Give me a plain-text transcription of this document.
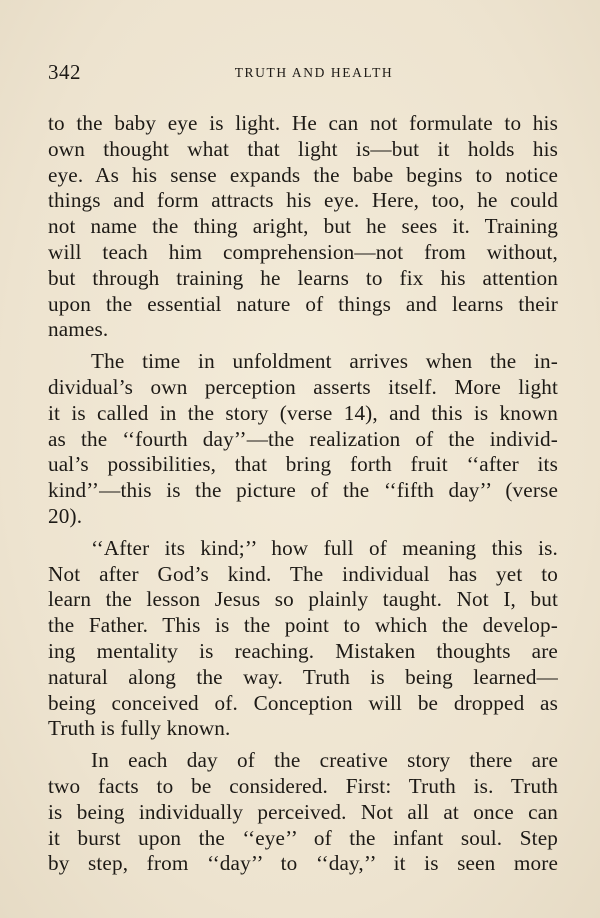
342	TRUTH AND HEALTH
to the baby eye is light. He can not formulate to his
own thought what that light is—but it holds his
eye. As his sense expands the babe begins to notice
things and form attracts his eye. Here, too, he could
not name the thing aright, but he sees it. Training
will teach him comprehension—not from without,
but through training he learns to fix his attention
upon the essential nature of things and learns their
names.
The time in unfoldment arrives when the in-
dividual’s own perception asserts itself. More light
it is called in the story (verse 14), and this is known
as the ‘‘fourth day’’—the realization of the individ-
ual’s possibilities, that bring forth fruit ‘‘after its
kind’’—this is the picture of the ‘‘fifth day’’ (verse
20).
‘‘After its kind;’’ how full of meaning this is.
Not after God’s kind. The individual has yet to
learn the lesson Jesus so plainly taught. Not I, but
the Father. This is the point to which the develop-
ing mentality is reaching. Mistaken thoughts are
natural along the way. Truth is being learned—
being conceived of. Conception will be dropped as
Truth is fully known.
In each day of the creative story there are
two facts to be considered. First: Truth is. Truth
is being individually perceived. Not all at once can
it burst upon the ‘‘eye’’ of the infant soul. Step
by step, from ‘‘day’’ to ‘‘day,’’ it is seen more
